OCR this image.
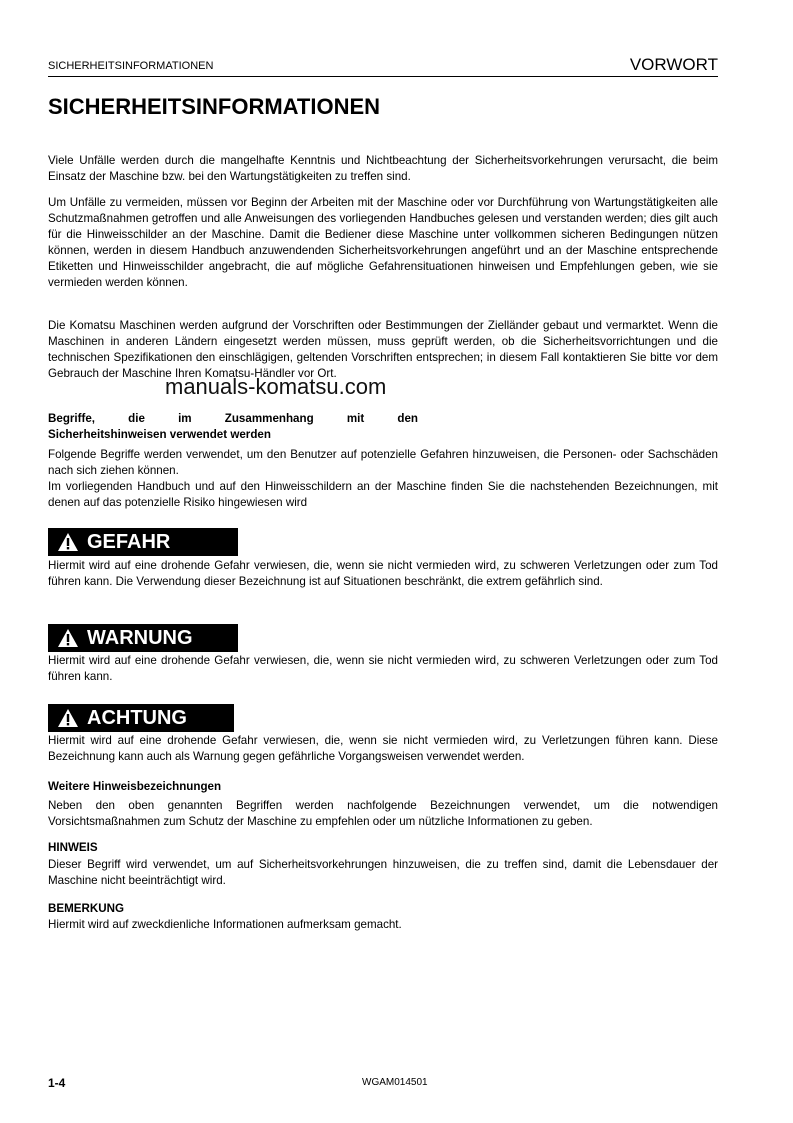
SICHERHEITSINFORMATIONEN	VORWORT
SICHERHEITSINFORMATIONEN

Viele Unfälle werden durch die mangelhafte Kenntnis und Nichtbeachtung der Sicherheitsvorkehrungen verursacht, die beim Einsatz der Maschine bzw. bei den Wartungstätigkeiten zu treffen sind.

Um Unfälle zu vermeiden, müssen vor Beginn der Arbeiten mit der Maschine oder vor Durchführung von Wartungstätigkeiten alle Schutzmaßnahmen getroffen und alle Anweisungen des vorliegenden Handbuches gelesen und verstanden werden; dies gilt auch für die Hinweisschilder an der Maschine. Damit die Bediener diese Maschine unter vollkommen sicheren Bedingungen nützen können, werden in diesem Handbuch anzuwendenden Sicherheitsvorkehrungen angeführt und an der Maschine entsprechende Etiketten und Hinweisschilder angebracht, die auf mögliche Gefahrensituationen hinweisen und Empfehlungen geben, wie sie vermieden werden können.

Die Komatsu Maschinen werden aufgrund der Vorschriften oder Bestimmungen der Zielländer gebaut und vermarktet. Wenn die Maschinen in anderen Ländern eingesetzt werden müssen, muss geprüft werden, ob die Sicherheitsvorrichtungen und die technischen Spezifikationen den einschlägigen, geltenden Vorschriften entsprechen; in diesem Fall kontaktieren Sie bitte vor dem Gebrauch der Maschine Ihren Komatsu-Händler vor Ort.

manuals-komatsu.com
Begriffe, die im Zusammenhang mit den
Sicherheitshinweisen verwendet werden

Folgende Begriffe werden verwendet, um den Benutzer auf potenzielle Gefahren hinzuweisen, die Personen- oder Sachschäden nach sich ziehen können.

Im vorliegenden Handbuch und auf den Hinweisschildern an der Maschine finden Sie die nachstehenden Bezeichnungen, mit denen auf das potenzielle Risiko hingewiesen wird

GEFAHR

Hiermit wird auf eine drohende Gefahr verwiesen, die, wenn sie nicht vermieden wird, zu schweren Verletzungen oder zum Tod führen kann. Die Verwendung dieser Bezeichnung ist auf Situationen beschränkt, die extrem gefährlich sind.

WARNUNG

Hiermit wird auf eine drohende Gefahr verwiesen, die, wenn sie nicht vermieden wird, zu schweren Verletzungen oder zum Tod führen kann.

ACHTUNG

Hiermit wird auf eine drohende Gefahr verwiesen, die, wenn sie nicht vermieden wird, zu Verletzungen führen kann. Diese Bezeichnung kann auch als Warnung gegen gefährliche Vorgangsweisen verwendet werden.

Weitere Hinweisbezeichnungen

Neben den oben genannten Begriffen werden nachfolgende Bezeichnungen verwendet, um die notwendigen Vorsichtsmaßnahmen zum Schutz der Maschine zu empfehlen oder um nützliche Informationen zu geben.

HINWEIS

Dieser Begriff wird verwendet, um auf Sicherheitsvorkehrungen hinzuweisen, die zu treffen sind, damit die Lebensdauer der Maschine nicht beeinträchtigt wird.

BEMERKUNG

Hiermit wird auf zweckdienliche Informationen aufmerksam gemacht.

1-4	WGAM014501
